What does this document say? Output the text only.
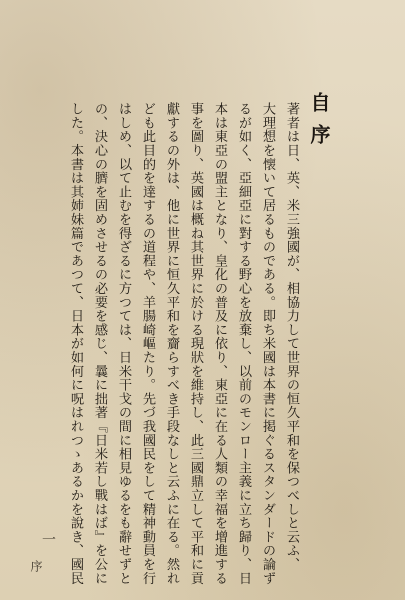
自序
著者は日、英、米三強國が、相協力して世界の恒久平和を保つべしと云ふ、
大理想を懐いて居るものである。即ち米國は本書に掲ぐるスタンダードの論ず
るが如く、亞細亞に對する野心を放棄し、以前のモンロー主義に立ち歸り、日
本は東亞の盟主となり、皇化の普及に依り、東亞に在る人類の幸福を增進する
事を圖り、英國は概ね其世界に於ける現狀を維持し、此三國鼎立して平和に貢
獻するの外は、他に世界に恒久平和を齎らすべき手段なしと云ふに在る。然れ
ども此目的を達するの道程や、羊腸崎嶇たり。先づ我國民をして精神動員を行
はしめ、以て止むを得ざるに方つては、日米干戈の間に相見ゆるをも辭せずと
の、決心の臍を固めさせるの必要を感じ、曩に拙著『日米若し戰はば』を公に
した。本書は其姉妹篇であつて、日本が如何に呪はれつゝあるかを說き、國民
序
一
